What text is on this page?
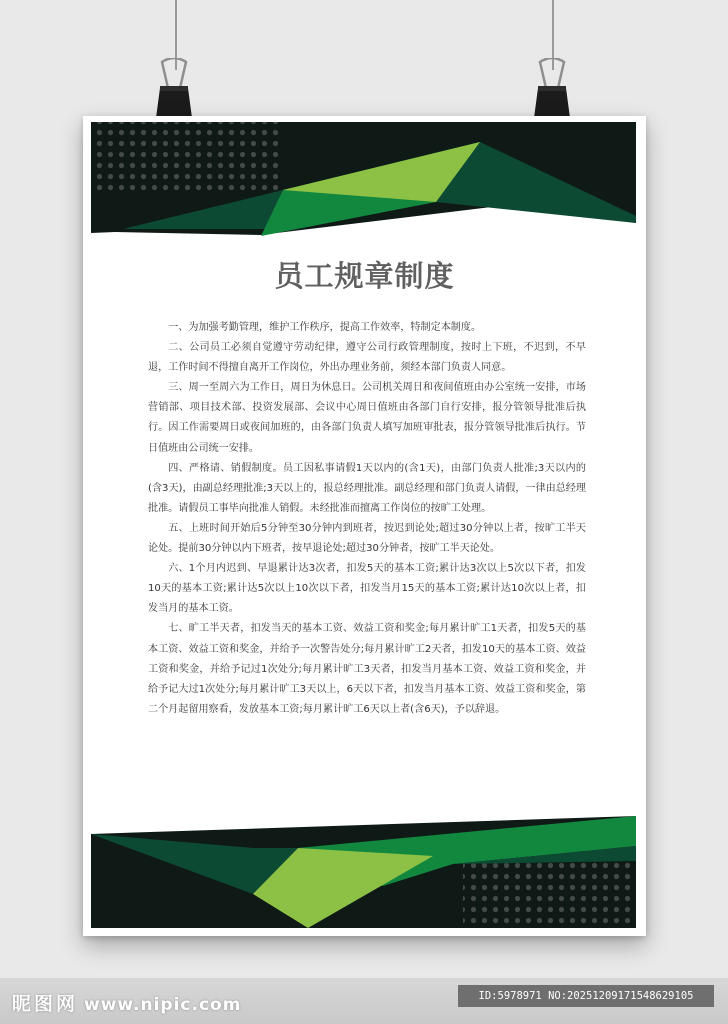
员工规章制度

一、为加强考勤管理，维护工作秩序，提高工作效率，特制定本制度。

二、公司员工必须自觉遵守劳动纪律，遵守公司行政管理制度，按时上下班，不迟到，不早退，工作时间不得擅自离开工作岗位，外出办理业务前，须经本部门负责人同意。

三、周一至周六为工作日，周日为休息日。公司机关周日和夜间值班由办公室统一安排，市场营销部、项目技术部、投资发展部、会议中心周日值班由各部门自行安排，报分管领导批准后执行。因工作需要周日或夜间加班的，由各部门负责人填写加班审批表，报分管领导批准后执行。节日值班由公司统一安排。

四、严格请、销假制度。员工因私事请假1天以内的(含1天)，由部门负责人批准;3天以内的(含3天)，由副总经理批准;3天以上的，报总经理批准。副总经理和部门负责人请假，一律由总经理批准。请假员工事毕向批准人销假。未经批准而擅离工作岗位的按旷工处理。

五、上班时间开始后5分钟至30分钟内到班者，按迟到论处;超过30分钟以上者，按旷工半天论处。提前30分钟以内下班者，按早退论处;超过30分钟者，按旷工半天论处。

六、1个月内迟到、早退累计达3次者，扣发5天的基本工资;累计达3次以上5次以下者，扣发10天的基本工资;累计达5次以上10次以下者，扣发当月15天的基本工资;累计达10次以上者，扣发当月的基本工资。

七、旷工半天者，扣发当天的基本工资、效益工资和奖金;每月累计旷工1天者，扣发5天的基本工资、效益工资和奖金，并给予一次警告处分;每月累计旷工2天者，扣发10天的基本工资、效益工资和奖金，并给予记过1次处分;每月累计旷工3天者，扣发当月基本工资、效益工资和奖金，并给予记大过1次处分;每月累计旷工3天以上，6天以下者，扣发当月基本工资、效益工资和奖金，第二个月起留用察看，发放基本工资;每月累计旷工6天以上者(含6天)，予以辞退。

昵图网 www.nipic.com	ID:5978971 NO:20251209171548629105
